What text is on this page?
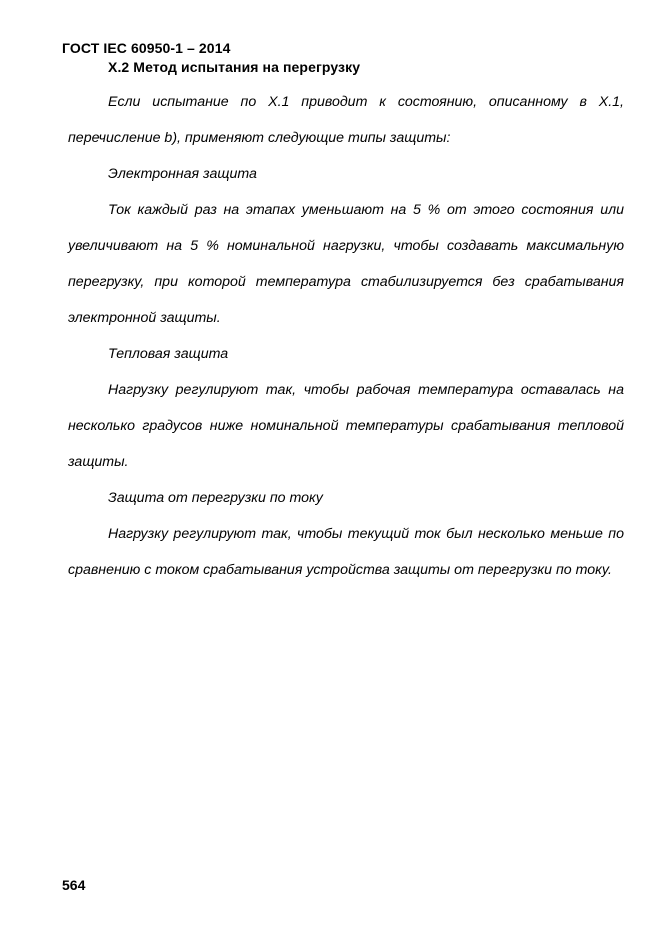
ГОСТ IEC 60950-1 – 2014
Х.2 Метод испытания на перегрузку

Если испытание по Х.1 приводит к состоянию, описанному в Х.1, перечисление b), применяют следующие типы защиты:

Электронная защита

Ток каждый раз на этапах уменьшают на 5 % от этого состояния или увеличивают на 5 % номинальной нагрузки, чтобы создавать максимальную перегрузку, при которой температура стабилизируется без срабатывания электронной защиты.

Тепловая защита

Нагрузку регулируют так, чтобы рабочая температура оставалась на несколько градусов ниже номинальной температуры срабатывания тепловой защиты.

Защита от перегрузки по току

Нагрузку регулируют так, чтобы текущий ток был несколько меньше по сравнению с током срабатывания устройства защиты от перегрузки по току.

564
